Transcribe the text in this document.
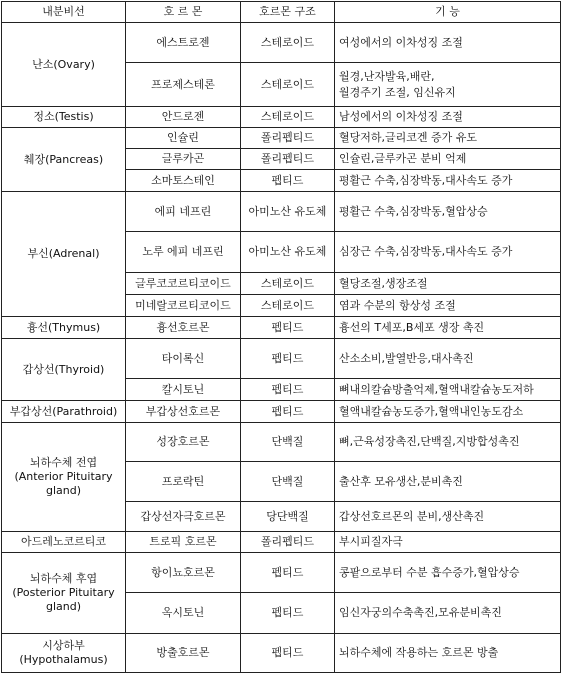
내분비선	호 르 몬	호르몬 구조	기 능

난소(Ovary)	에스트로젠	스테로이드	여성에서의 이차성징 조절

	프로제스테론	스테로이드	월경,난자발육,배란,
월경주기 조절, 임신유지

정소(Testis)	안드로젠	스테로이드	남성에서의 이차성징 조절

췌장(Pancreas)	인슐린	폴리펩티드	혈당저하,글리코겐 증가 유도

	글루카곤	폴리펩티드	인슐린,글루카곤 분비 억제

	소마토스테인	펩티드	평활근 수축,심장박동,대사속도 증가

부신(Adrenal)	에피 네프린	아미노산 유도체	평활근 수축,심장박동,혈압상승

	노루 에피 네프린	아미노산 유도체	심장근 수축,심장박동,대사속도 증가

	글루코코르티코이드	스테로이드	혈당조절,생장조절

	미네랄코르티코이드	스테로이드	염과 수분의 항상성 조절

흉선(Thymus)	흉선호르몬	펩티드	흉선의 T세포,B세포 생장 촉진

갑상선(Thyroid)	타이록신	펩티드	산소소비,발열반응,대사촉진

	칼시토닌	펩티드	뼈내의칼슘방출억제,혈액내칼슘농도저하

부갑상선(Parathroid)	부갑상선호르몬	펩티드	혈액내칼슘농도증가,혈액내인농도감소

뇌하수체 전엽
(Anterior Pituitary
gland)	성장호르몬	단백질	뼈,근육성장촉진,단백질,지방합성촉진

	프로락틴	단백질	출산후 모유생산,분비촉진

	갑상선자극호르몬	당단백질	갑상선호르몬의 분비,생산촉진

아드레노코르티코	트로픽 호르몬	폴리펩티드	부시피질자극

뇌하수체 후엽
(Posterior Pituitary
gland)	항이뇨호르몬	펩티드	콩팥으로부터 수분 흡수증가,혈압상승

	옥시토닌	펩티드	임신자궁의수축촉진,모유분비촉진

시상하부
(Hypothalamus)	방출호르몬	펩티드	뇌하수체에 작용하는 호르몬 방출
